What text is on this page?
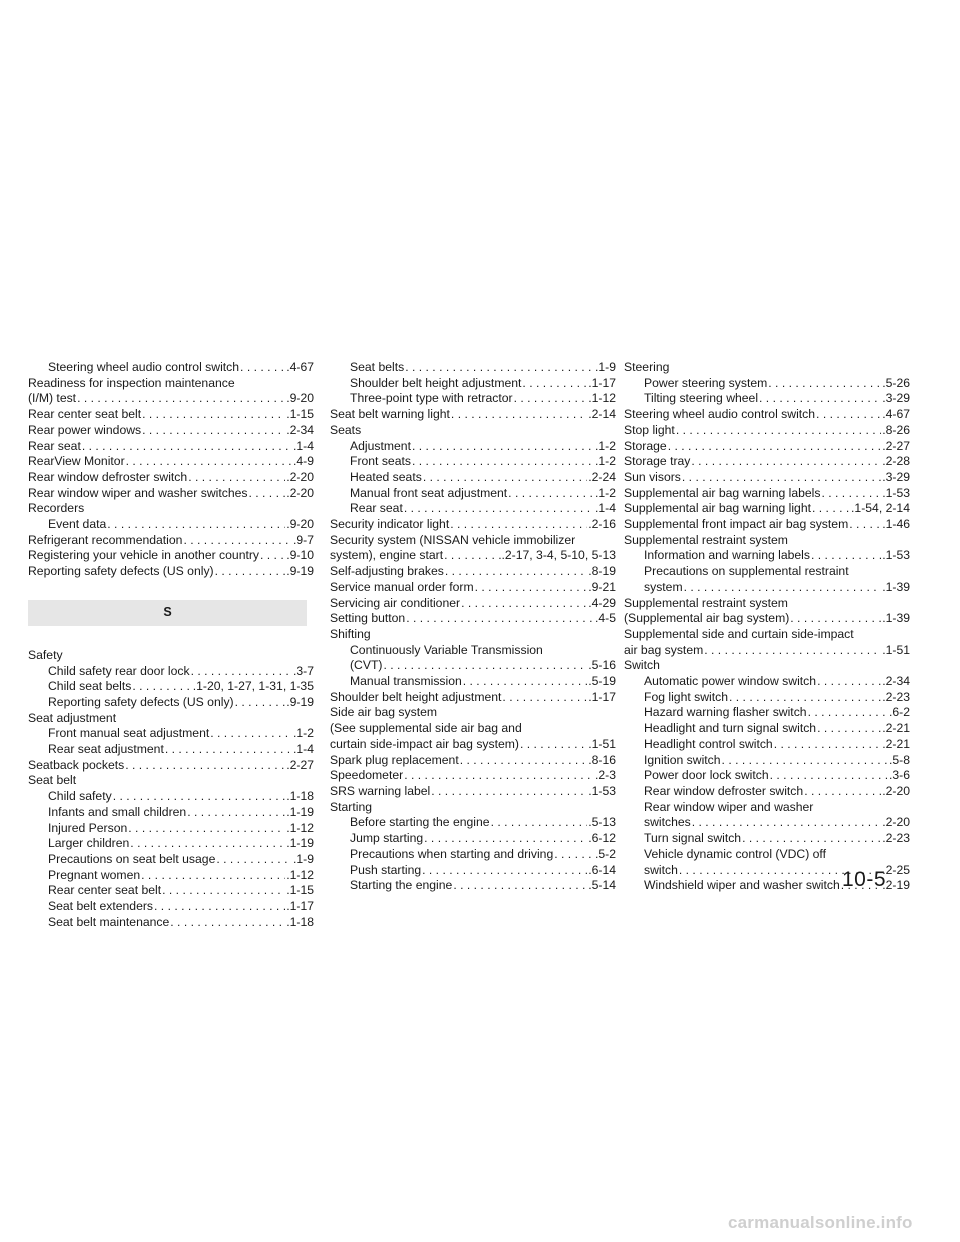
Steering wheel audio control switch . . .	.4-67
Readiness for inspection maintenance
(I/M) test . . .	.9-20
Rear center seat belt . . .	.1-15
Rear power windows . . .	.2-34
Rear seat . . .	.1-4
RearView Monitor . . .	.4-9
Rear window defroster switch . . .	.2-20
Rear window wiper and washer switches . . .	.2-20
Recorders
Event data . . .	.9-20
Refrigerant recommendation . . .	.9-7
Registering your vehicle in another country . . . .9-10
Reporting safety defects (US only) . . .	.9-19
S
Safety
Child safety rear door lock . . .	.3-7
Child seat belts . . .	.1-20, 1-27, 1-31, 1-35
Reporting safety defects (US only) . . .	.9-19
Seat adjustment
Front manual seat adjustment . . .	.1-2
Rear seat adjustment . . .	.1-4
Seatback pockets . . .	.2-27
Seat belt
Child safety . . .	.1-18
Infants and small children . . .	.1-19
Injured Person . . .	.1-12
Larger children . . .	.1-19
Precautions on seat belt usage . . .	.1-9
Pregnant women . . .	.1-12
Rear center seat belt . . .	.1-15
Seat belt extenders . . .	.1-17
Seat belt maintenance . . .	.1-18
Seat belts . . .	.1-9
Shoulder belt height adjustment . . .	.1-17
Three-point type with retractor . . .	.1-12
Seat belt warning light . . .	.2-14
Seats
Adjustment . . .	.1-2
Front seats . . .	.1-2
Heated seats . . .	.2-24
Manual front seat adjustment . . .	.1-2
Rear seat . . .	.1-4
Security indicator light . . .	.2-16
Security system (NISSAN vehicle immobilizer
system), engine start . . .	.2-17, 3-4, 5-10, 5-13
Self-adjusting brakes . . .	.8-19
Service manual order form . . .	.9-21
Servicing air conditioner . . .	.4-29
Setting button . . .	.4-5
Shifting
Continuously Variable Transmission
(CVT) . . .	.5-16
Manual transmission . . .	.5-19
Shoulder belt height adjustment . . .	.1-17
Side air bag system
(See supplemental side air bag and
curtain side-impact air bag system) . . .	.1-51
Spark plug replacement . . .	.8-16
Speedometer . . .	.2-3
SRS warning label . . .	.1-53
Starting
Before starting the engine . . .	.5-13
Jump starting . . .	.6-12
Precautions when starting and driving . . .	.5-2
Push starting . . .	.6-14
Starting the engine . . .	.5-14
Steering
Power steering system . . .	.5-26
Tilting steering wheel . . .	.3-29
Steering wheel audio control switch . . .	.4-67
Stop light . . .	.8-26
Storage . . .	.2-27
Storage tray . . .	.2-28
Sun visors . . .	.3-29
Supplemental air bag warning labels . . .	.1-53
Supplemental air bag warning light . . .	.1-54, 2-14
Supplemental front impact air bag system . . .	.1-46
Supplemental restraint system
Information and warning labels . . .	.1-53
Precautions on supplemental restraint
system . . .	.1-39
Supplemental restraint system
(Supplemental air bag system) . . .	.1-39
Supplemental side and curtain side-impact
air bag system . . .	.1-51
Switch
Automatic power window switch . . .	.2-34
Fog light switch . . .	.2-23
Hazard warning flasher switch . . .	.6-2
Headlight and turn signal switch . . .	.2-21
Headlight control switch . . .	.2-21
Ignition switch . . .	.5-8
Power door lock switch . . .	.3-6
Rear window defroster switch . . .	.2-20
Rear window wiper and washer
switches . . .	.2-20
Turn signal switch . . .	.2-23
Vehicle dynamic control (VDC) off
switch . . .	.2-25
Windshield wiper and washer switch . . .	.2-19
10-5
carmanualsonline.info
